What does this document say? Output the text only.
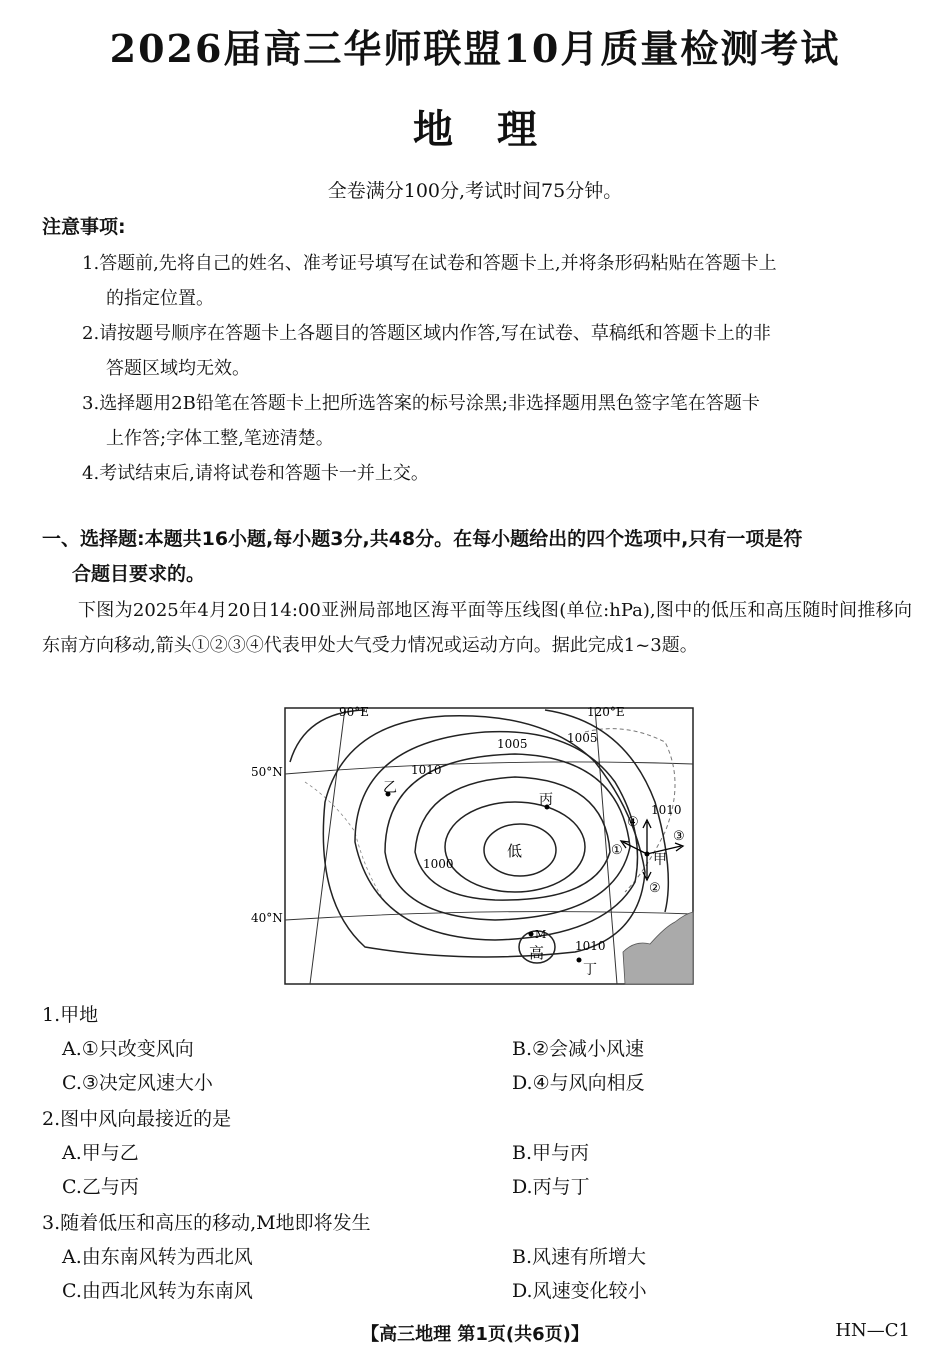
2026届高三华师联盟10月质量检测考试
地理
全卷满分100分,考试时间75分钟。
注意事项:
1.答题前,先将自己的姓名、准考证号填写在试卷和答题卡上,并将条形码粘贴在答题卡上
的指定位置。
2.请按题号顺序在答题卡上各题目的答题区域内作答,写在试卷、草稿纸和答题卡上的非
答题区域均无效。
3.选择题用2B铅笔在答题卡上把所选答案的标号涂黑;非选择题用黑色签字笔在答题卡
上作答;字体工整,笔迹清楚。
4.考试结束后,请将试卷和答题卡一并上交。
一、选择题:本题共16小题,每小题3分,共48分。在每小题给出的四个选项中,只有一项是符
合题目要求的。
下图为2025年4月20日14:00亚洲局部地区海平面等压线图(单位:hPa),图中的低压和高压随时间推移向东南方向移动,箭头①②③④代表甲处大气受力情况或运动方向。据此完成1~3题。
90°E	120°E
50°N
40°N
1005	1005
1010
1010
1000
1010
低
高
乙
丙
甲
丁
M
①
②
③
④
1.甲地
A.①只改变风向	B.②会减小风速
C.③决定风速大小	D.④与风向相反
2.图中风向最接近的是
A.甲与乙	B.甲与丙
C.乙与丙	D.丙与丁
3.随着低压和高压的移动,M地即将发生
A.由东南风转为西北风	B.风速有所增大
C.由西北风转为东南风	D.风速变化较小
【高三地理 第1页(共6页)】	HN—C1
